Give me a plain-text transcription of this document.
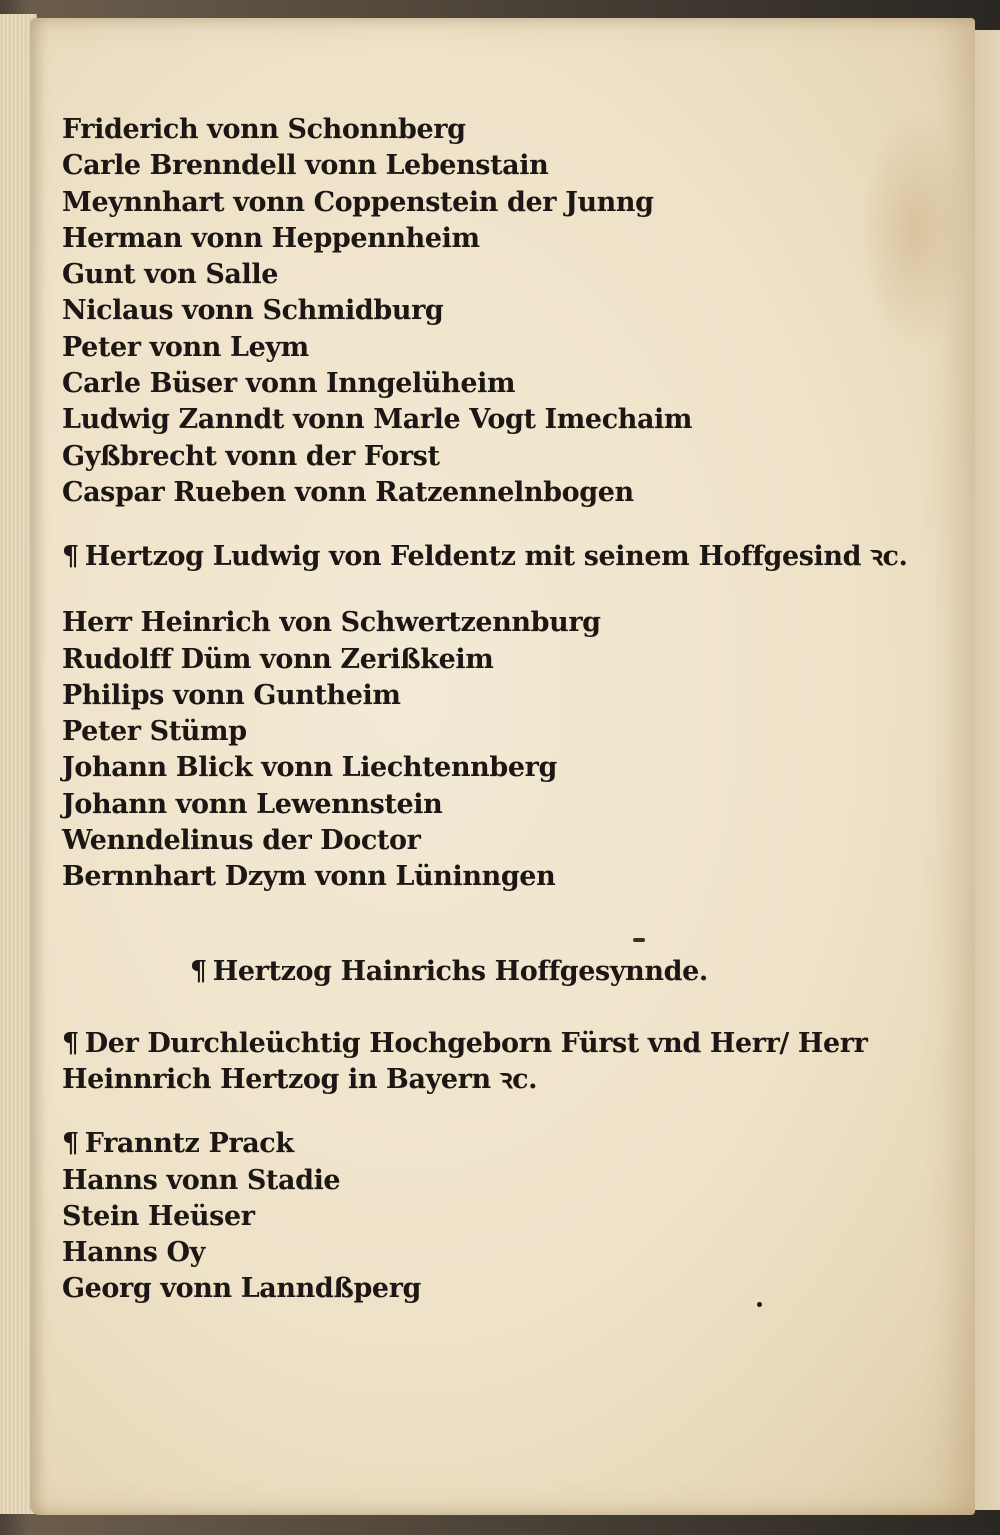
Friderich vonn Schonnberg
Carle Brenndell vonn Lebenstain
Meynnhart vonn Coppenstein der Junng
Herman vonn Heppennheim
Gunt von Salle
Niclaus vonn Schmidburg
Peter vonn Leym
Carle Büser vonn Inngelüheim
Ludwig Zanndt vonn Marle Vogt Imechaim
Gyßbrecht vonn der Forst
Caspar Rueben vonn Ratzennelnbogen
¶ Hertzog Ludwig von Feldentz mit seinem Hoffgesind ꝛc.
Herr Heinrich von Schwertzennburg
Rudolff Düm vonn Zerißkeim
Philips vonn Guntheim
Peter Stümp
Johann Blick vonn Liechtennberg
Johann vonn Lewennstein
Wenndelinus der Doctor
Bernnhart Dzym vonn Lüninngen
¶ Hertzog Hainrichs Hoffgesynnde.
¶ Der Durchleüchtig Hochgeborn Fürst vnd Herr/ Herr
Heinnrich Hertzog in Bayern ꝛc.
¶ Franntz Prack
Hanns vonn Stadie
Stein Heüser
Hanns Oy
Georg vonn Lanndßperg
